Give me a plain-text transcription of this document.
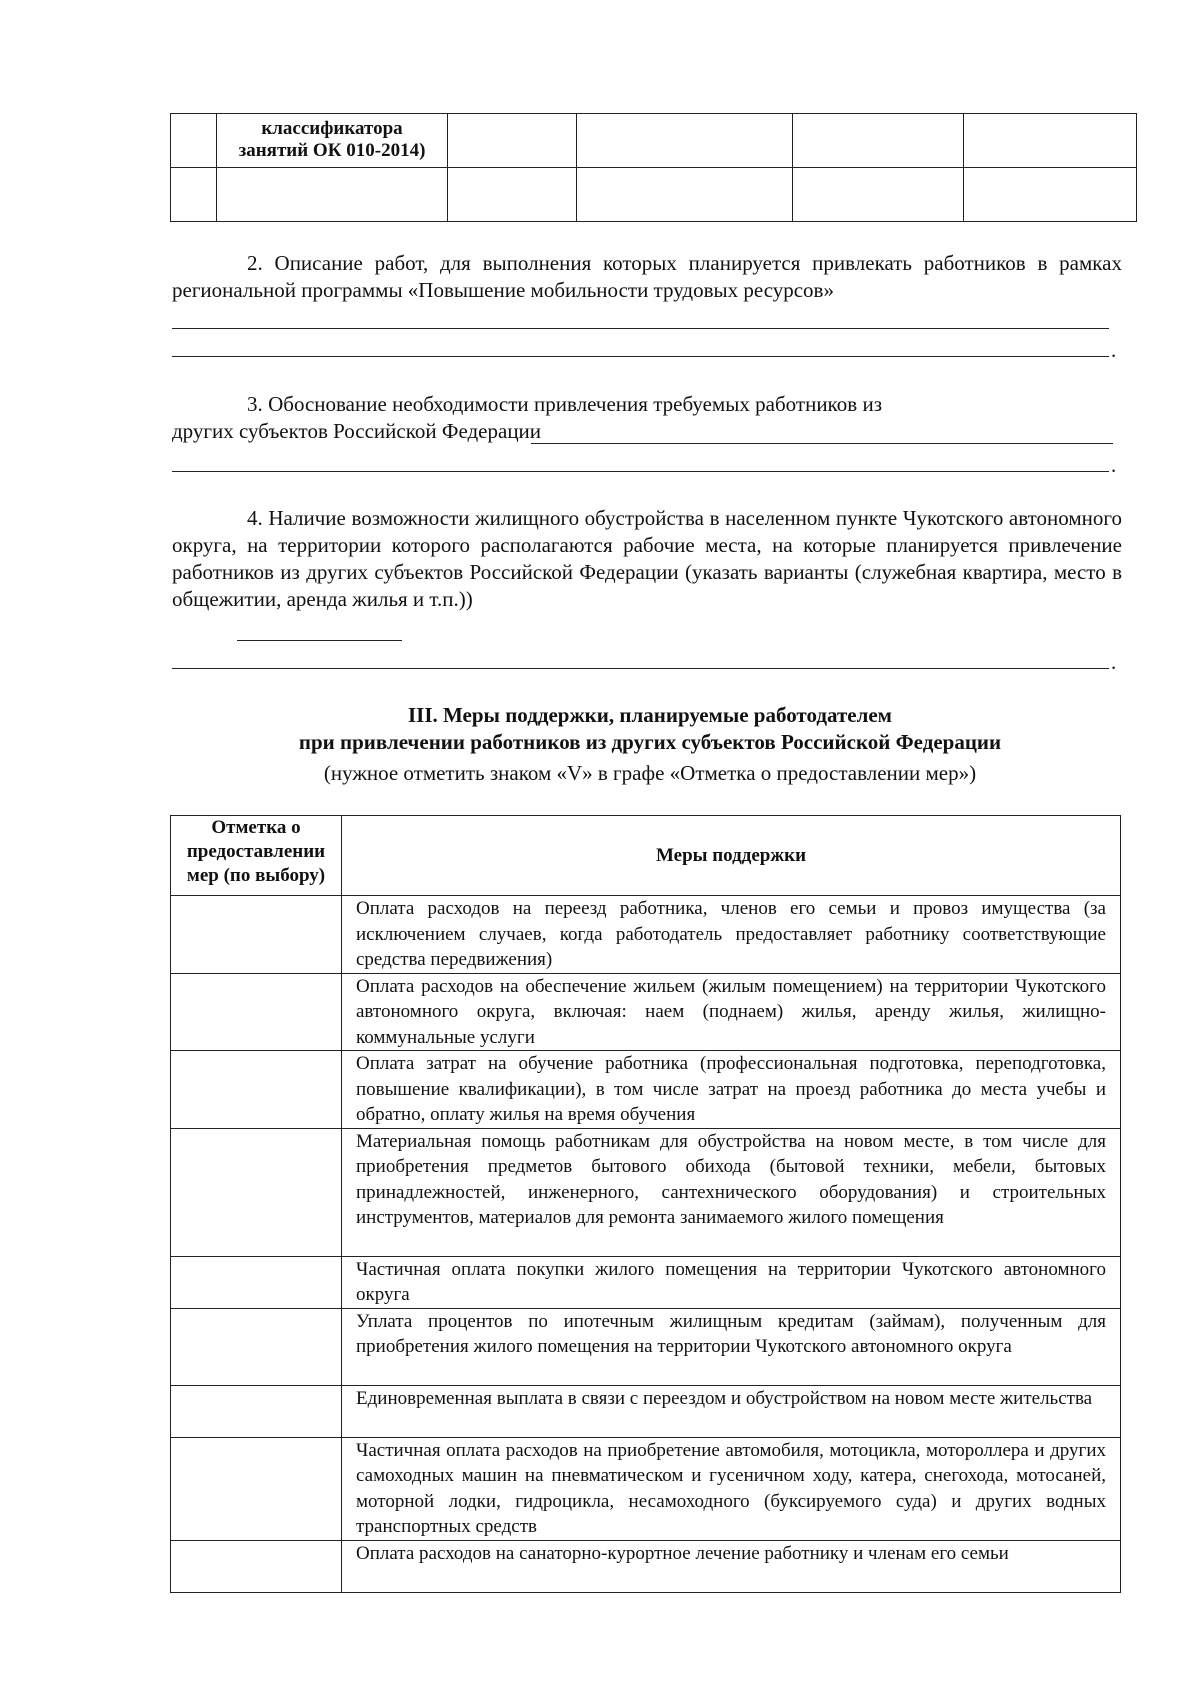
	классификатора
занятий ОК 010-2014)				

2. Описание работ, для выполнения которых планируется привлекать работников в рамках региональной программы «Повышение мобильности трудовых ресурсов»
.
3. Обоснование необходимости привлечения требуемых работников из других субъектов Российской Федерации
.
4. Наличие возможности жилищного обустройства в населенном пункте Чукотского автономного округа, на территории которого располагаются рабочие места, на которые планируется привлечение работников из других субъектов Российской Федерации (указать варианты (служебная квартира, место в общежитии, аренда жилья и т.п.))
.
III. Меры поддержки, планируемые работодателем
при привлечении работников из других субъектов Российской Федерации
(нужное отметить знаком «V» в графе «Отметка о предоставлении мер»)
Отметка о предоставлении мер (по выбору)	Меры поддержки
	Оплата расходов на переезд работника, членов его семьи и провоз имущества (за исключением случаев, когда работодатель предоставляет работнику соответствующие средства передвижения)
	Оплата расходов на обеспечение жильем (жилым помещением) на территории Чукотского автономного округа, включая: наем (поднаем) жилья, аренду жилья, жилищно-коммунальные услуги
	Оплата затрат на обучение работника (профессиональная подготовка, переподготовка, повышение квалификации), в том числе затрат на проезд работника до места учебы и обратно, оплату жилья на время обучения
	Материальная помощь работникам для обустройства на новом месте, в том числе для приобретения предметов бытового обихода (бытовой техники, мебели, бытовых принадлежностей, инженерного, сантехнического оборудования) и строительных инструментов, материалов для ремонта занимаемого жилого помещения
	Частичная оплата покупки жилого помещения на территории Чукотского автономного округа
	Уплата процентов по ипотечным жилищным кредитам (займам), полученным для приобретения жилого помещения на территории Чукотского автономного округа
	Единовременная выплата в связи с переездом и обустройством на новом месте жительства
	Частичная оплата расходов на приобретение автомобиля, мотоцикла, мотороллера и других самоходных машин на пневматическом и гусеничном ходу, катера, снегохода, мотосаней, моторной лодки, гидроцикла, несамоходного (буксируемого суда) и других водных транспортных средств
	Оплата расходов на санаторно-курортное лечение работнику и членам его семьи
